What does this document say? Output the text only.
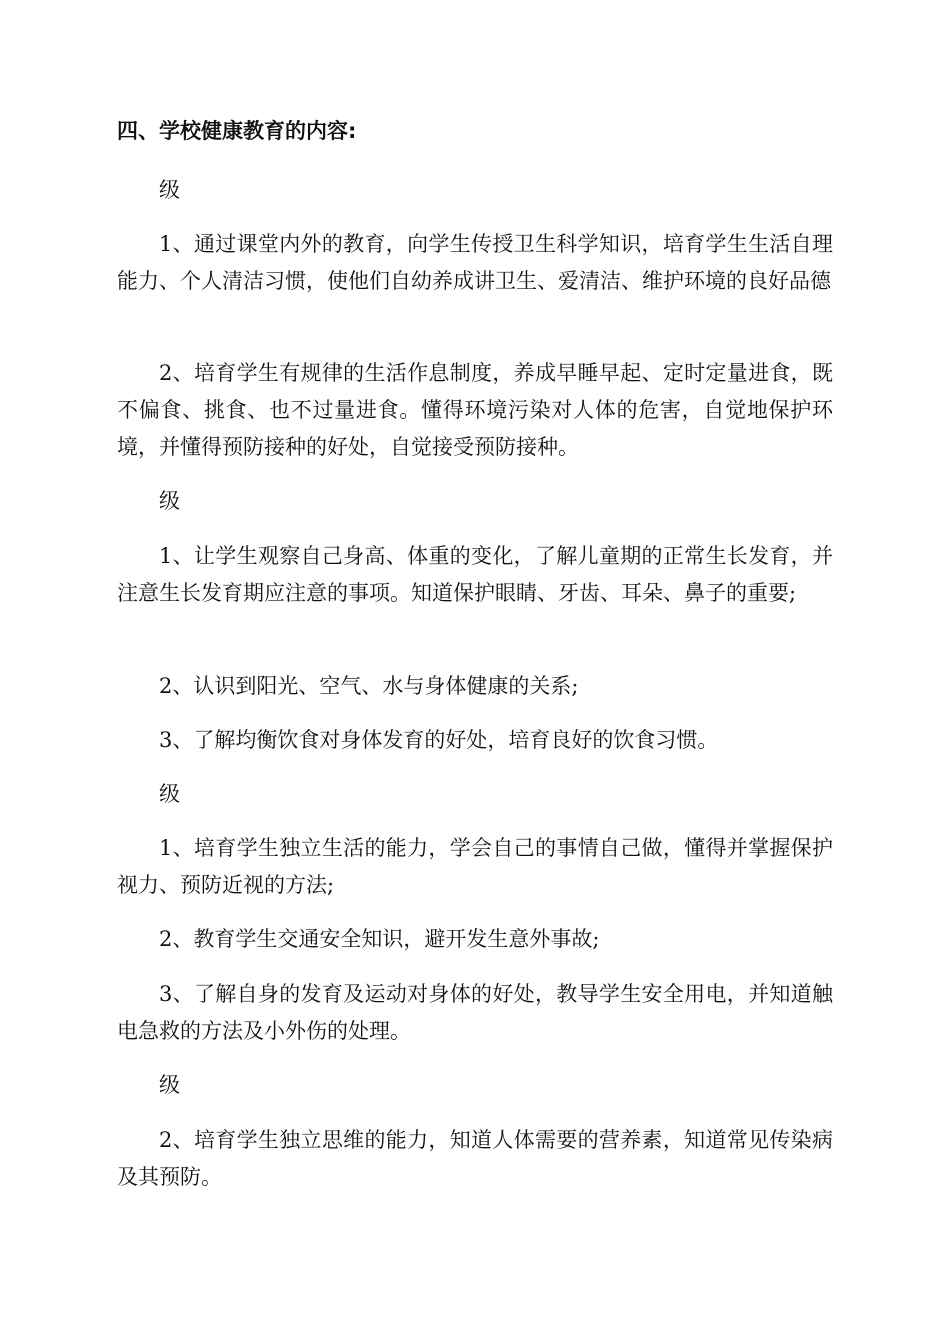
四、学校健康教育的内容:

级

1、通过课堂内外的教育，向学生传授卫生科学知识，培育学生生活自理能力、个人清洁习惯，使他们自幼养成讲卫生、爱清洁、维护环境的良好品德

2、培育学生有规律的生活作息制度，养成早睡早起、定时定量进食，既不偏食、挑食、也不过量进食。懂得环境污染对人体的危害，自觉地保护环境，并懂得预防接种的好处，自觉接受预防接种。

级

1、让学生观察自己身高、体重的变化，了解儿童期的正常生长发育，并注意生长发育期应注意的事项。知道保护眼睛、牙齿、耳朵、鼻子的重要;

2、认识到阳光、空气、水与身体健康的关系;

3、了解均衡饮食对身体发育的好处，培育良好的饮食习惯。

级

1、培育学生独立生活的能力，学会自己的事情自己做，懂得并掌握保护视力、预防近视的方法;

2、教育学生交通安全知识，避开发生意外事故;

3、了解自身的发育及运动对身体的好处，教导学生安全用电，并知道触电急救的方法及小外伤的处理。

级

2、培育学生独立思维的能力，知道人体需要的营养素，知道常见传染病及其预防。
